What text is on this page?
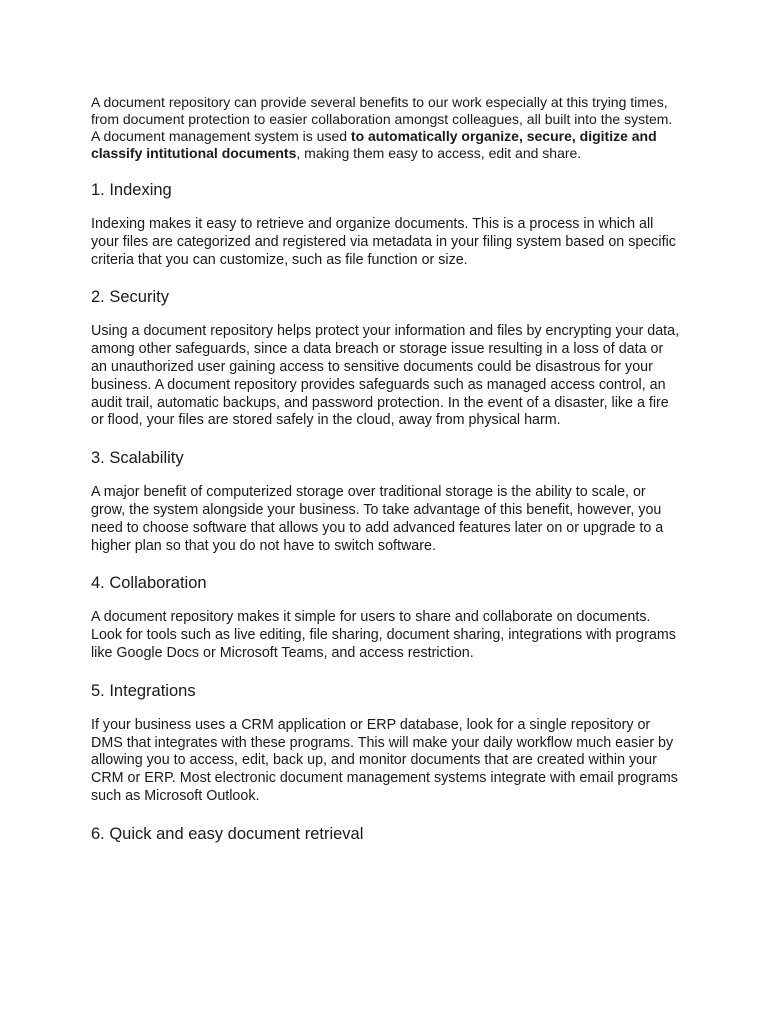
A document repository can provide several benefits to our work especially at this trying times, from document protection to easier collaboration amongst colleagues, all built into the system. A document management system is used to automatically organize, secure, digitize and classify intitutional documents, making them easy to access, edit and share.

1. Indexing

Indexing makes it easy to retrieve and organize documents. This is a process in which all your files are categorized and registered via metadata in your filing system based on specific criteria that you can customize, such as file function or size.

2. Security

Using a document repository helps protect your information and files by encrypting your data, among other safeguards, since a data breach or storage issue resulting in a loss of data or an unauthorized user gaining access to sensitive documents could be disastrous for your business. A document repository provides safeguards such as managed access control, an audit trail, automatic backups, and password protection. In the event of a disaster, like a fire or flood, your files are stored safely in the cloud, away from physical harm.

3. Scalability

A major benefit of computerized storage over traditional storage is the ability to scale, or grow, the system alongside your business. To take advantage of this benefit, however, you need to choose software that allows you to add advanced features later on or upgrade to a higher plan so that you do not have to switch software.

4. Collaboration

A document repository makes it simple for users to share and collaborate on documents. Look for tools such as live editing, file sharing, document sharing, integrations with programs like Google Docs or Microsoft Teams, and access restriction.

5. Integrations

If your business uses a CRM application or ERP database, look for a single repository or DMS that integrates with these programs. This will make your daily workflow much easier by allowing you to access, edit, back up, and monitor documents that are created within your CRM or ERP. Most electronic document management systems integrate with email programs such as Microsoft Outlook.

6. Quick and easy document retrieval
